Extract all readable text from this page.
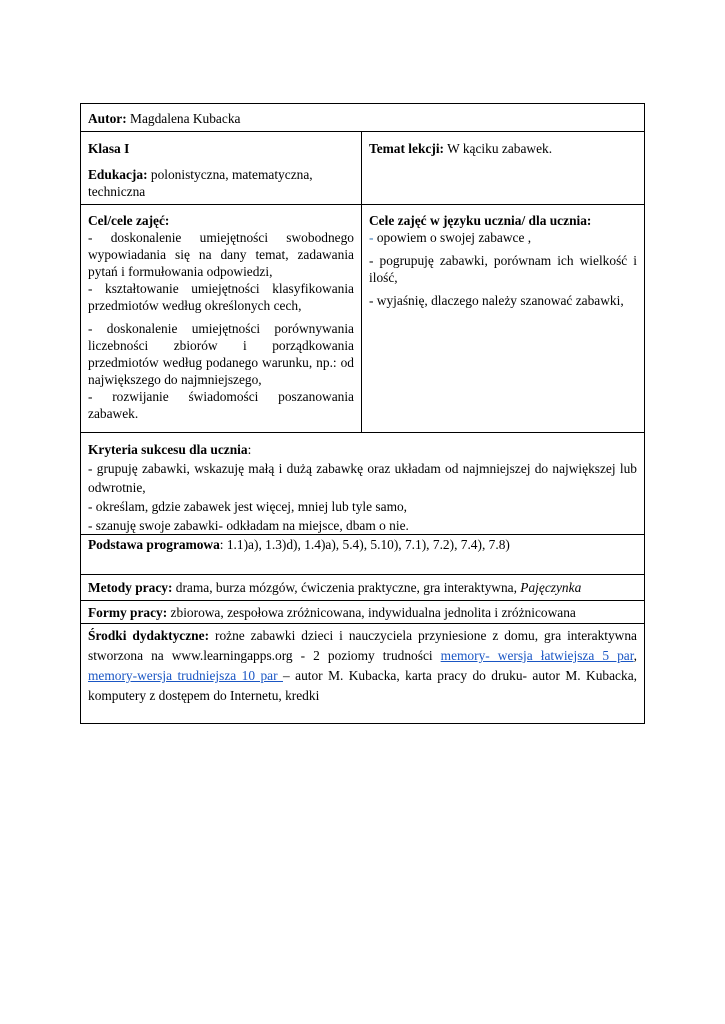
Autor: Magdalena Kubacka

Klasa I

Edukacja: polonistyczna, matematyczna, techniczna

Temat lekcji: W kąciku zabawek.

Cel/cele zajęć:

- doskonalenie umiejętności swobodnego wypowiadania się na dany temat, zadawania pytań i formułowania odpowiedzi,

- kształtowanie umiejętności klasyfikowania przedmiotów według określonych cech,

- doskonalenie umiejętności porównywania liczebności zbiorów i porządkowania przedmiotów według podanego warunku, np.: od największego do najmniejszego,

- rozwijanie świadomości poszanowania zabawek.

Cele zajęć w języku ucznia/ dla ucznia:

- opowiem o swojej zabawce ,

- pogrupuję zabawki, porównam ich wielkość i ilość,

- wyjaśnię, dlaczego należy szanować zabawki,

Kryteria sukcesu dla ucznia:

- grupuję zabawki, wskazuję małą i dużą zabawkę oraz układam od najmniejszej do największej lub odwrotnie,

- określam, gdzie zabawek jest więcej, mniej lub tyle samo,

- szanuję swoje zabawki- odkładam na miejsce, dbam o nie.

Podstawa programowa: 1.1)a), 1.3)d), 1.4)a), 5.4), 5.10), 7.1), 7.2), 7.4), 7.8)
Metody pracy: drama, burza mózgów, ćwiczenia praktyczne, gra interaktywna, Pajęczynka
Formy pracy: zbiorowa, zespołowa zróżnicowana, indywidualna jednolita i zróżnicowana
Środki dydaktyczne: rożne zabawki dzieci i nauczyciela przyniesione z domu, gra interaktywna stworzona na www.learningapps.org - 2 poziomy trudności memory- wersja łatwiejsza 5 par, memory-wersja trudniejsza 10 par – autor M. Kubacka, karta pracy do druku- autor M. Kubacka, komputery z dostępem do Internetu, kredki
